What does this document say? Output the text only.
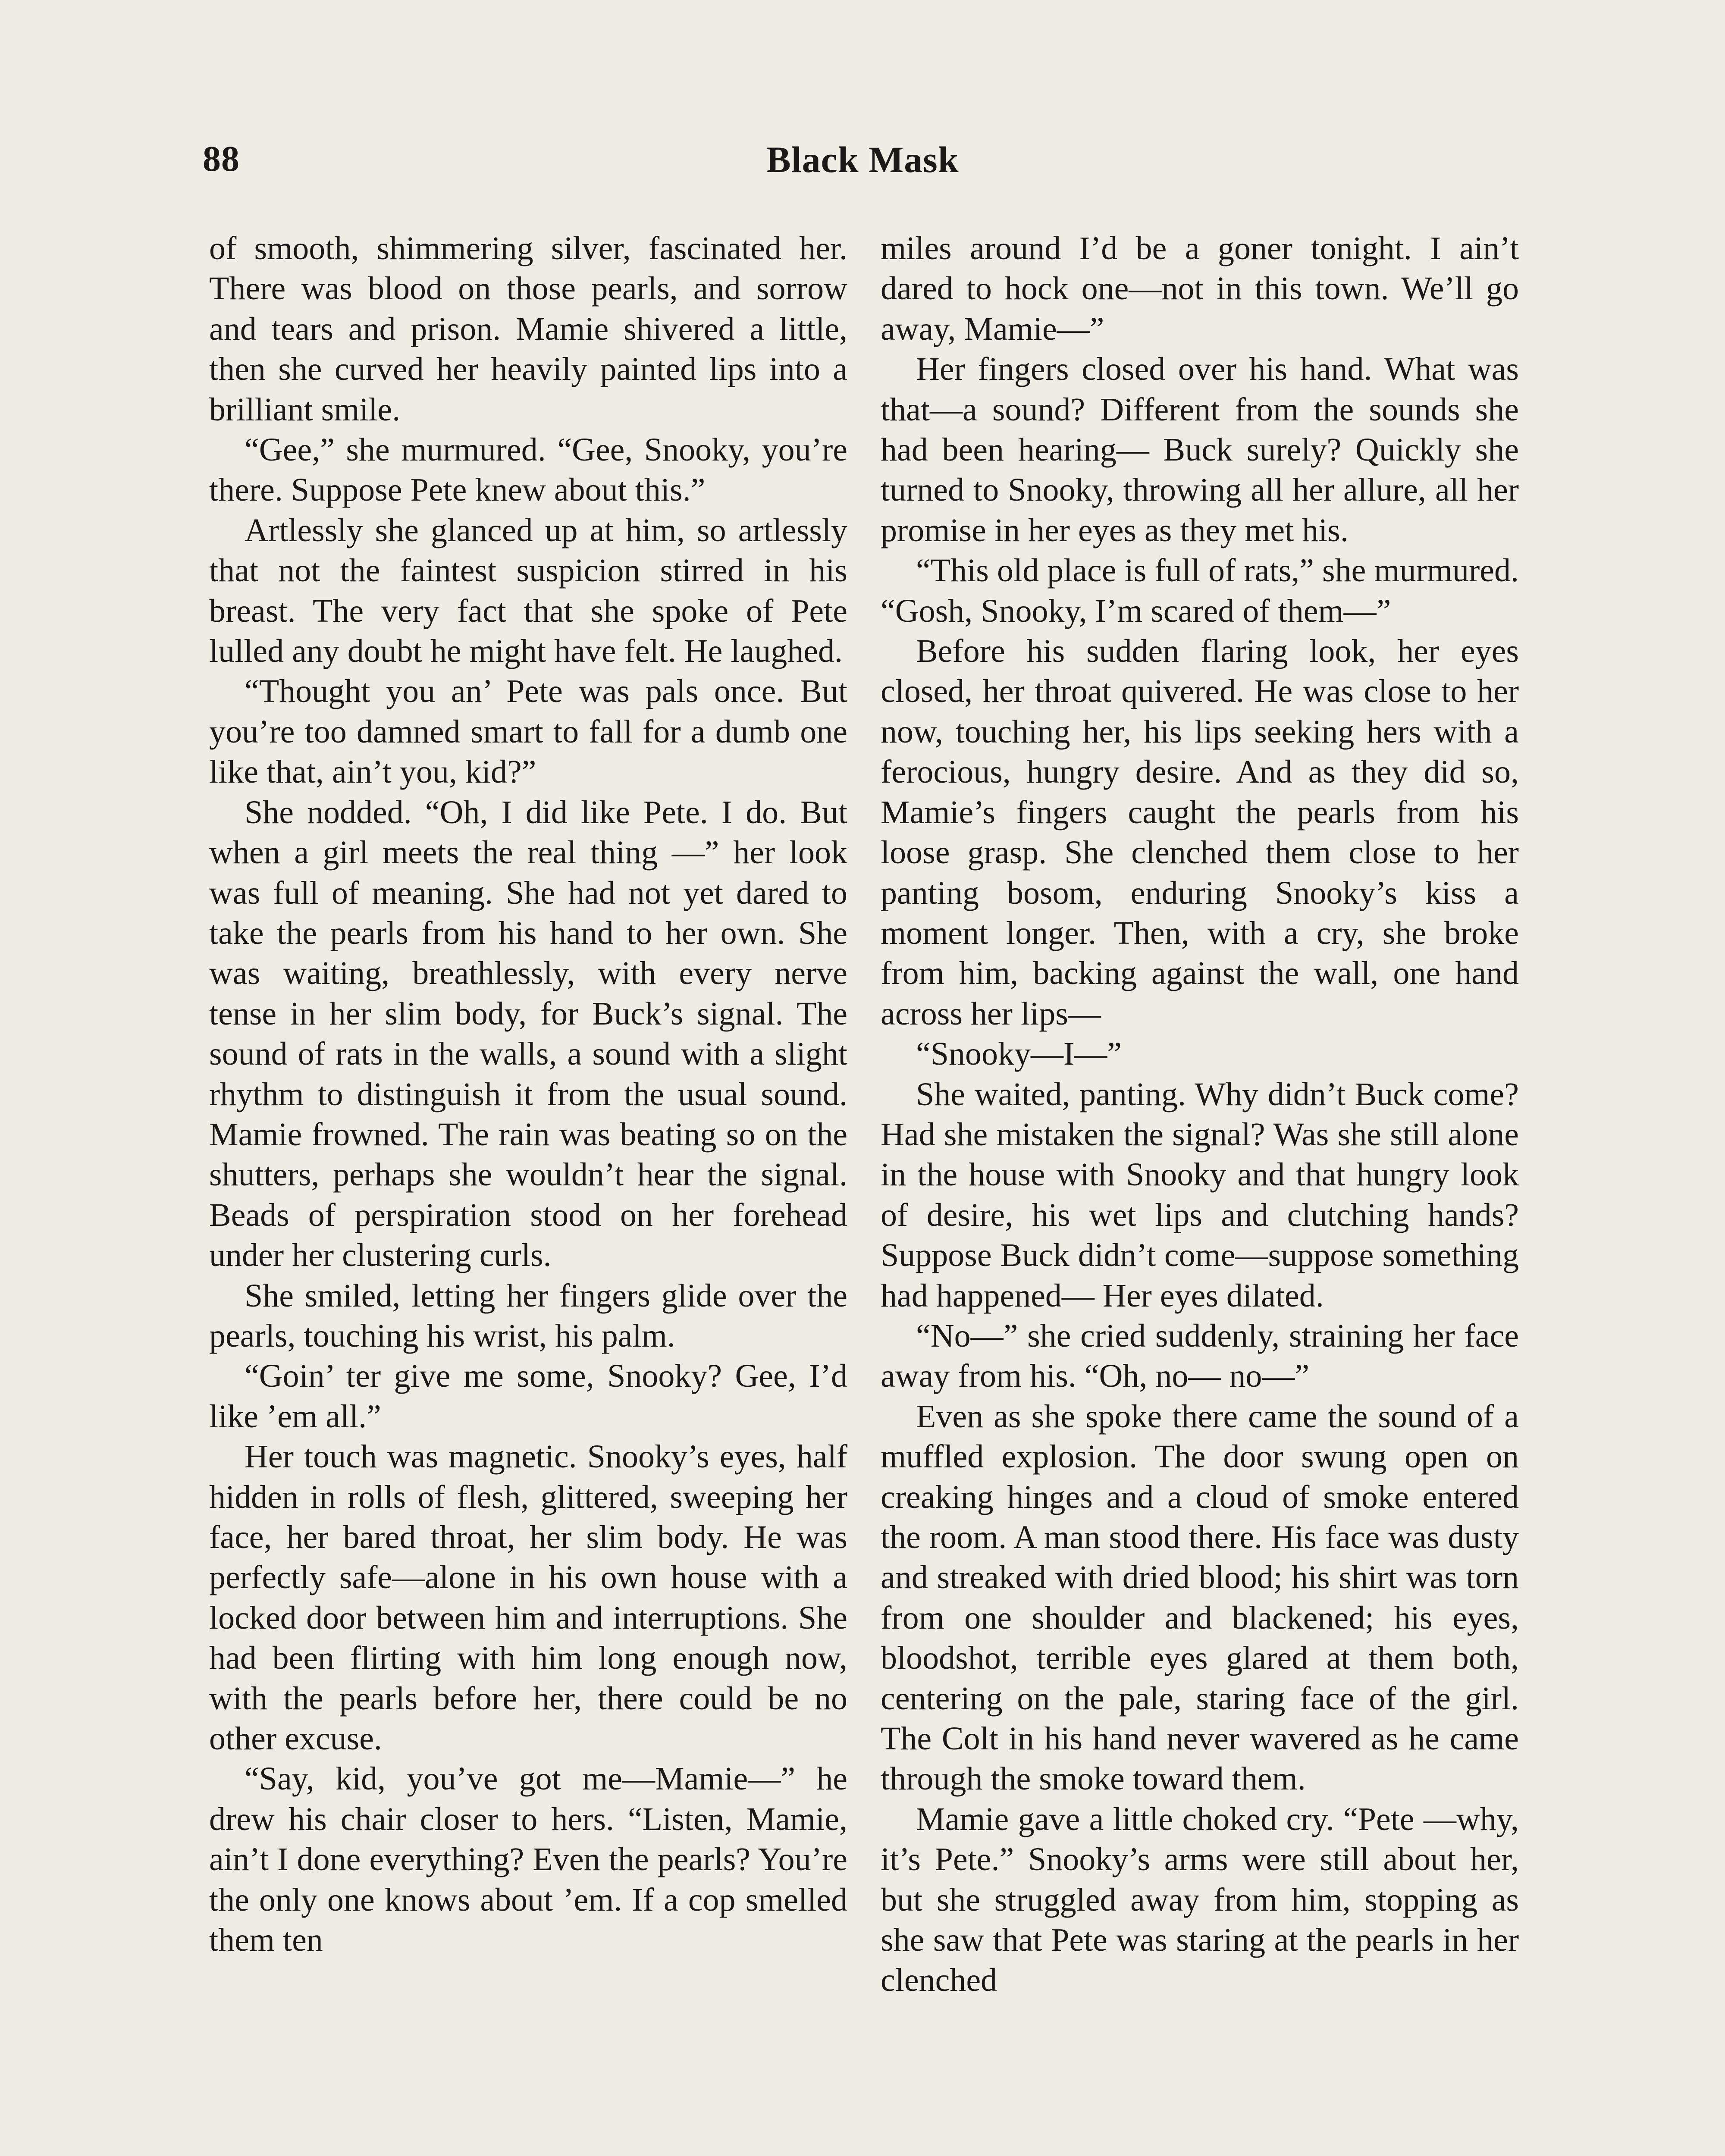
88	Black Mask

of smooth, shimmering silver, fascinated her. There was blood on those pearls, and sorrow and tears and prison. Mamie shivered a little, then she curved her heavily painted lips into a brilliant smile.

“Gee,” she murmured. “Gee, Snooky, you’re there. Suppose Pete knew about this.”

Artlessly she glanced up at him, so artlessly that not the faintest suspicion stirred in his breast. The very fact that she spoke of Pete lulled any doubt he might have felt. He laughed.

“Thought you an’ Pete was pals once. But you’re too damned smart to fall for a dumb one like that, ain’t you, kid?”

She nodded. “Oh, I did like Pete. I do. But when a girl meets the real thing —” her look was full of meaning. She had not yet dared to take the pearls from his hand to her own. She was waiting, breathlessly, with every nerve tense in her slim body, for Buck’s signal. The sound of rats in the walls, a sound with a slight rhythm to distinguish it from the usual sound. Mamie frowned. The rain was beating so on the shutters, perhaps she wouldn’t hear the signal. Beads of perspiration stood on her forehead under her clustering curls.

She smiled, letting her fingers glide over the pearls, touching his wrist, his palm.

“Goin’ ter give me some, Snooky? Gee, I’d like ’em all.”

Her touch was magnetic. Snooky’s eyes, half hidden in rolls of flesh, glittered, sweeping her face, her bared throat, her slim body. He was perfectly safe—alone in his own house with a locked door between him and interruptions. She had been flirting with him long enough now, with the pearls before her, there could be no other excuse.

“Say, kid, you’ve got me—Mamie—” he drew his chair closer to hers. “Listen, Mamie, ain’t I done everything? Even the pearls? You’re the only one knows about ’em. If a cop smelled them ten

miles around I’d be a goner tonight. I ain’t dared to hock one—not in this town. We’ll go away, Mamie—”

Her fingers closed over his hand. What was that—a sound? Different from the sounds she had been hearing— Buck surely? Quickly she turned to Snooky, throwing all her allure, all her promise in her eyes as they met his.

“This old place is full of rats,” she murmured. “Gosh, Snooky, I’m scared of them—”

Before his sudden flaring look, her eyes closed, her throat quivered. He was close to her now, touching her, his lips seeking hers with a ferocious, hungry desire. And as they did so, Mamie’s fingers caught the pearls from his loose grasp. She clenched them close to her panting bosom, enduring Snooky’s kiss a moment longer. Then, with a cry, she broke from him, backing against the wall, one hand across her lips—

“Snooky—I—”

She waited, panting. Why didn’t Buck come? Had she mistaken the signal? Was she still alone in the house with Snooky and that hungry look of desire, his wet lips and clutching hands? Suppose Buck didn’t come—suppose something had happened— Her eyes dilated.

“No—” she cried suddenly, straining her face away from his. “Oh, no— no—”

Even as she spoke there came the sound of a muffled explosion. The door swung open on creaking hinges and a cloud of smoke entered the room. A man stood there. His face was dusty and streaked with dried blood; his shirt was torn from one shoulder and blackened; his eyes, bloodshot, terrible eyes glared at them both, centering on the pale, staring face of the girl. The Colt in his hand never wavered as he came through the smoke toward them.

Mamie gave a little choked cry. “Pete —why, it’s Pete.” Snooky’s arms were still about her, but she struggled away from him, stopping as she saw that Pete was staring at the pearls in her clenched
